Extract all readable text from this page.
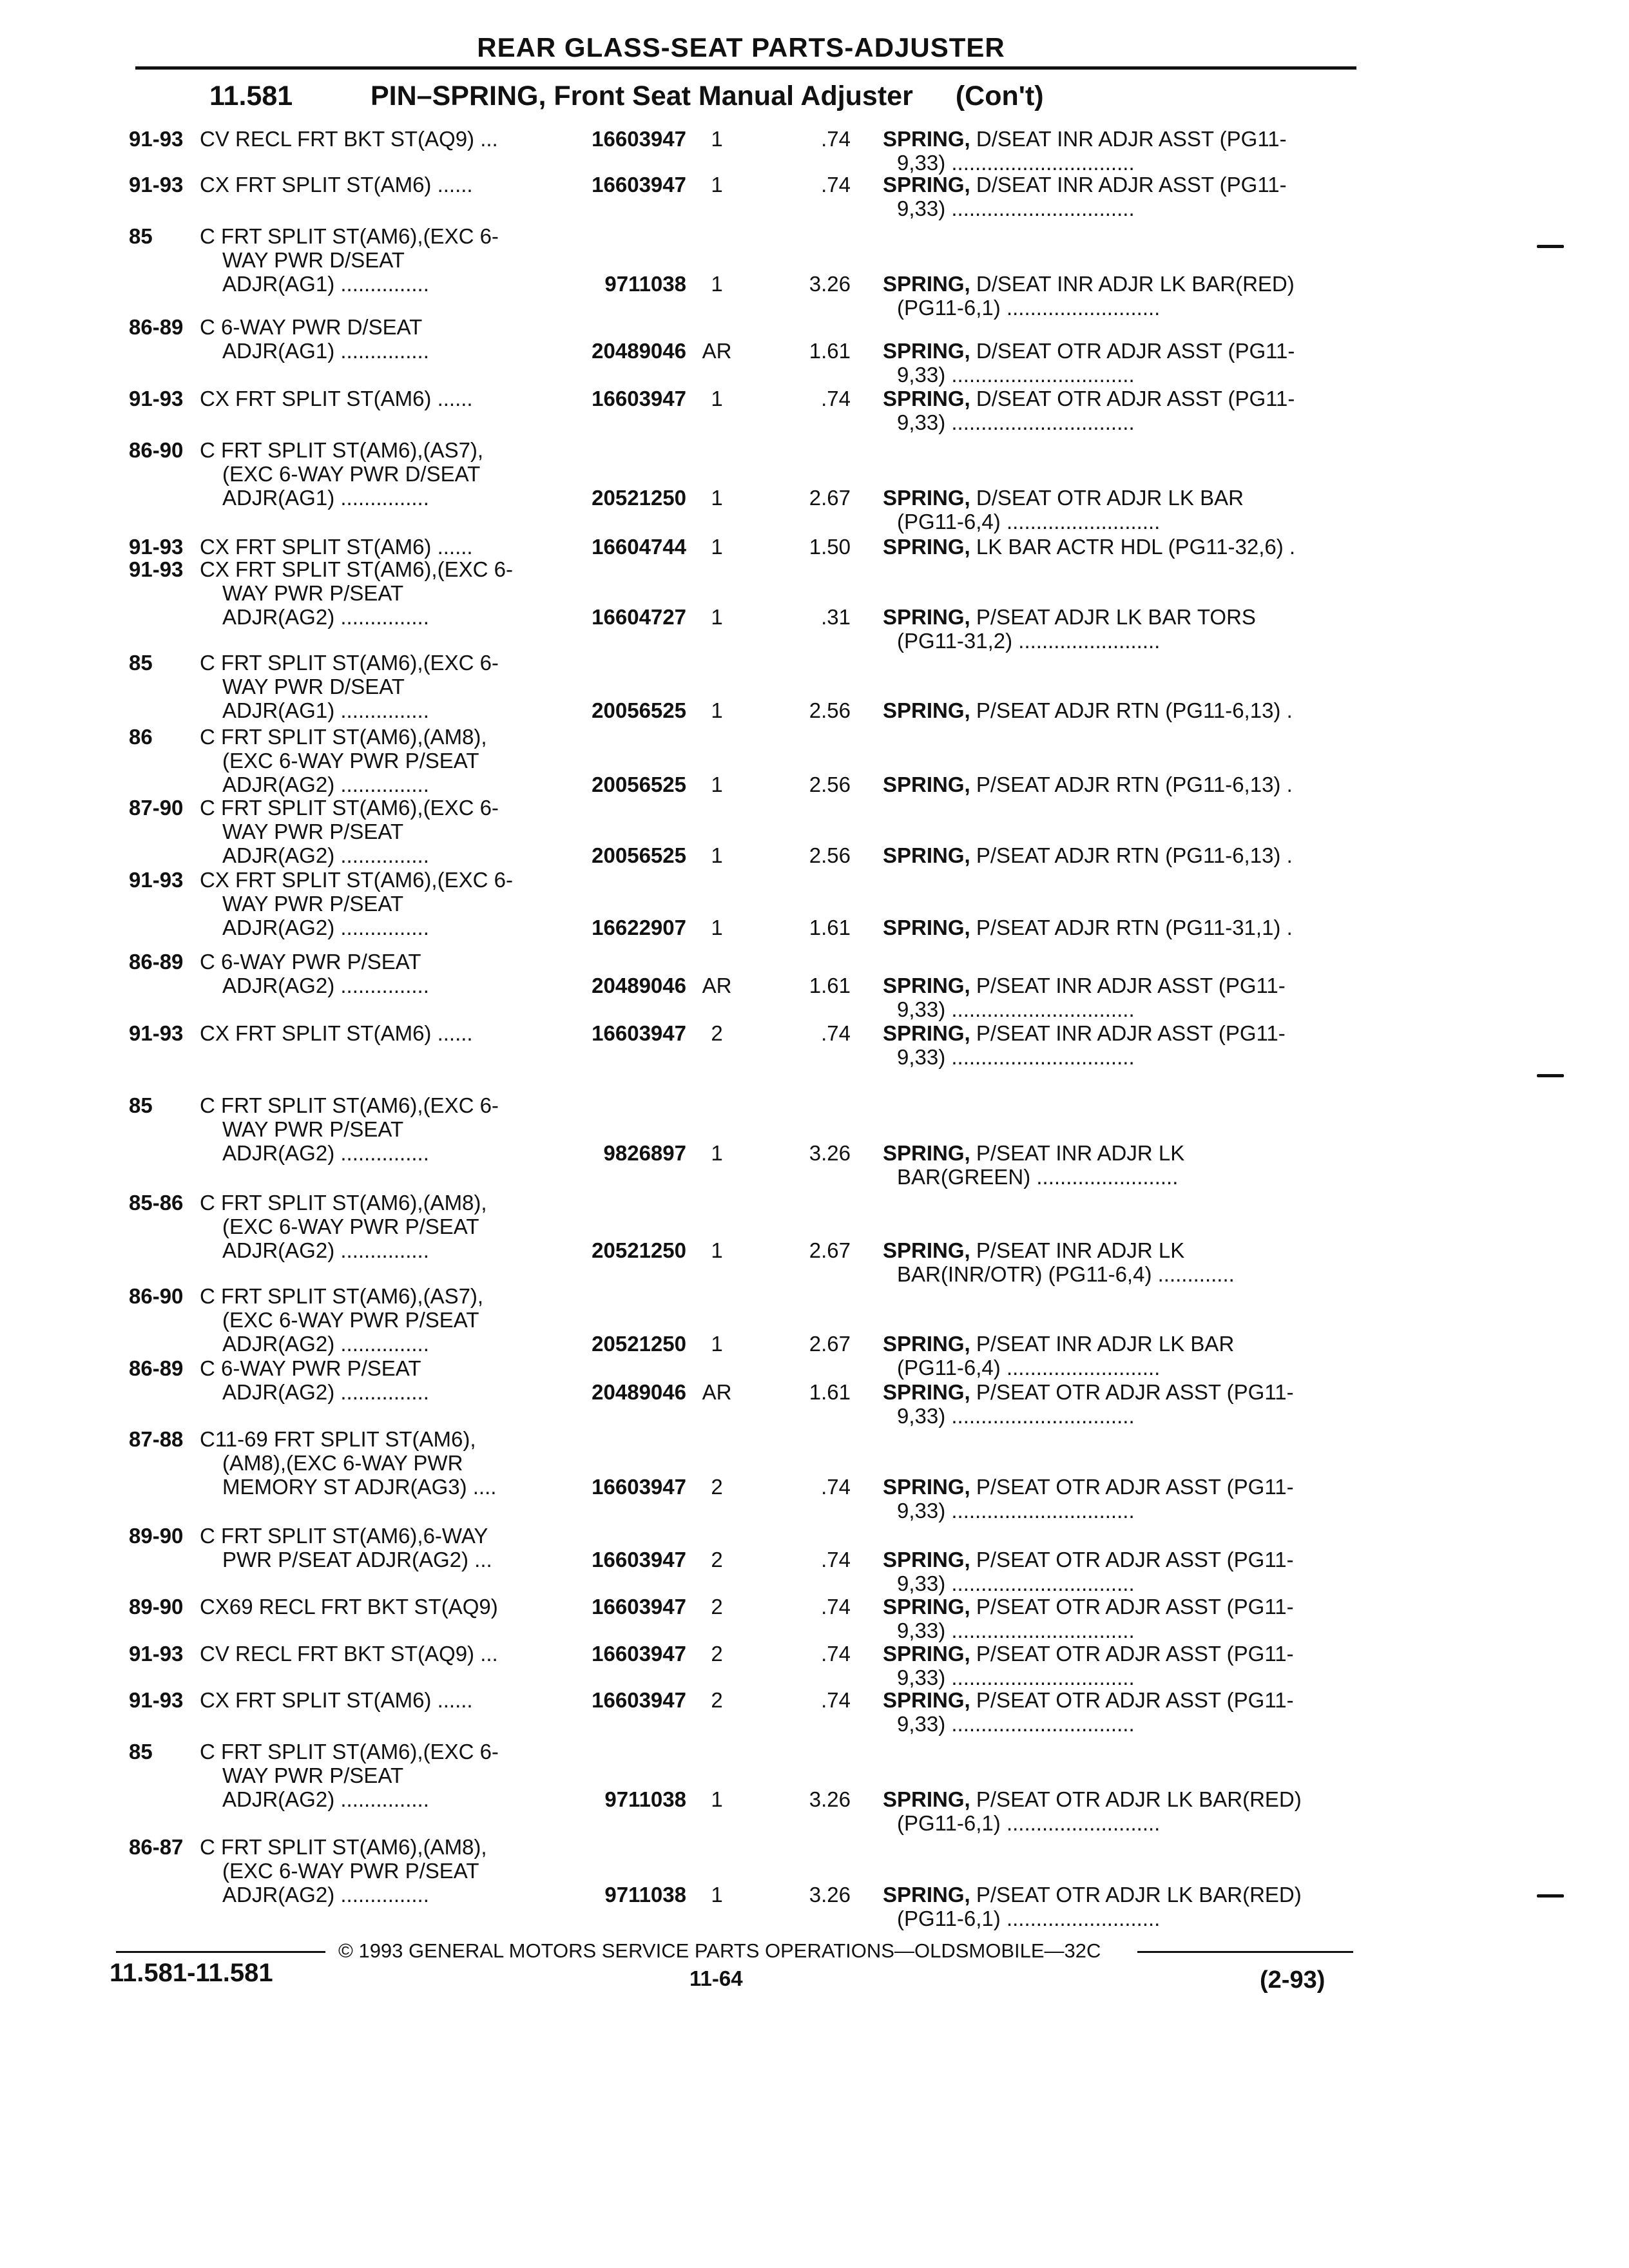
REAR GLASS-SEAT PARTS-ADJUSTER
11.581	PIN–SPRING, Front Seat Manual Adjuster (Con't)
91-93 CV RECL FRT BKT ST(AQ9) ...	16603947	1	.74 SPRING, D/SEAT INR ADJR ASST (PG11-
9,33) ...............................
91-93 CX FRT SPLIT ST(AM6) ......	16603947	1	.74 SPRING, D/SEAT INR ADJR ASST (PG11-
9,33) ...............................
85	C FRT SPLIT ST(AM6),(EXC 6-
WAY PWR D/SEAT
ADJR(AG1) ...............	9711038	1	3.26 SPRING, D/SEAT INR ADJR LK BAR(RED)
(PG11-6,1) ..........................
86-89 C 6-WAY PWR D/SEAT
ADJR(AG1) ...............	20489046 AR	1.61 SPRING, D/SEAT OTR ADJR ASST (PG11-
9,33) ...............................
91-93 CX FRT SPLIT ST(AM6) ......	16603947	1	.74 SPRING, D/SEAT OTR ADJR ASST (PG11-
9,33) ...............................
86-90 C FRT SPLIT ST(AM6),(AS7),
(EXC 6-WAY PWR D/SEAT
ADJR(AG1) ...............	20521250	1	2.67 SPRING, D/SEAT OTR ADJR LK BAR
(PG11-6,4) ..........................
91-93 CX FRT SPLIT ST(AM6) ......	16604744	1	1.50 SPRING, LK BAR ACTR HDL (PG11-32,6) .
91-93 CX FRT SPLIT ST(AM6),(EXC 6-
WAY PWR P/SEAT
ADJR(AG2) ...............	16604727	1	.31 SPRING, P/SEAT ADJR LK BAR TORS
(PG11-31,2) ........................
85	C FRT SPLIT ST(AM6),(EXC 6-
WAY PWR D/SEAT
ADJR(AG1) ...............	20056525	1	2.56 SPRING, P/SEAT ADJR RTN (PG11-6,13) .
86	C FRT SPLIT ST(AM6),(AM8),
(EXC 6-WAY PWR P/SEAT
ADJR(AG2) ...............	20056525	1	2.56 SPRING, P/SEAT ADJR RTN (PG11-6,13) .
87-90 C FRT SPLIT ST(AM6),(EXC 6-
WAY PWR P/SEAT
ADJR(AG2) ...............	20056525	1	2.56 SPRING, P/SEAT ADJR RTN (PG11-6,13) .
91-93 CX FRT SPLIT ST(AM6),(EXC 6-
WAY PWR P/SEAT
ADJR(AG2) ...............	16622907	1	1.61 SPRING, P/SEAT ADJR RTN (PG11-31,1) .
86-89 C 6-WAY PWR P/SEAT
ADJR(AG2) ...............	20489046 AR	1.61 SPRING, P/SEAT INR ADJR ASST (PG11-
9,33) ...............................
91-93 CX FRT SPLIT ST(AM6) ......	16603947	2	.74 SPRING, P/SEAT INR ADJR ASST (PG11-
9,33) ...............................
85	C FRT SPLIT ST(AM6),(EXC 6-
WAY PWR P/SEAT
ADJR(AG2) ...............	9826897	1	3.26 SPRING, P/SEAT INR ADJR LK
BAR(GREEN) ........................
85-86 C FRT SPLIT ST(AM6),(AM8),
(EXC 6-WAY PWR P/SEAT
ADJR(AG2) ...............	20521250	1	2.67 SPRING, P/SEAT INR ADJR LK
BAR(INR/OTR) (PG11-6,4) .............
86-90 C FRT SPLIT ST(AM6),(AS7),
(EXC 6-WAY PWR P/SEAT
ADJR(AG2) ...............	20521250	1	2.67 SPRING, P/SEAT INR ADJR LK BAR
(PG11-6,4) ..........................
86-89 C 6-WAY PWR P/SEAT
ADJR(AG2) ...............	20489046 AR	1.61 SPRING, P/SEAT OTR ADJR ASST (PG11-
9,33) ...............................
87-88 C11-69 FRT SPLIT ST(AM6),
(AM8),(EXC 6-WAY PWR
MEMORY ST ADJR(AG3) ....	16603947	2	.74 SPRING, P/SEAT OTR ADJR ASST (PG11-
9,33) ...............................
89-90 C FRT SPLIT ST(AM6),6-WAY
PWR P/SEAT ADJR(AG2) ...	16603947	2	.74 SPRING, P/SEAT OTR ADJR ASST (PG11-
9,33) ...............................
89-90 CX69 RECL FRT BKT ST(AQ9)	16603947	2	.74 SPRING, P/SEAT OTR ADJR ASST (PG11-
9,33) ...............................
91-93 CV RECL FRT BKT ST(AQ9) ...	16603947	2	.74 SPRING, P/SEAT OTR ADJR ASST (PG11-
9,33) ...............................
91-93 CX FRT SPLIT ST(AM6) ......	16603947	2	.74 SPRING, P/SEAT OTR ADJR ASST (PG11-
9,33) ...............................
85	C FRT SPLIT ST(AM6),(EXC 6-
WAY PWR P/SEAT
ADJR(AG2) ...............	9711038	1	3.26 SPRING, P/SEAT OTR ADJR LK BAR(RED)
(PG11-6,1) ..........................
86-87 C FRT SPLIT ST(AM6),(AM8),
(EXC 6-WAY PWR P/SEAT
ADJR(AG2) ...............	9711038	1	3.26 SPRING, P/SEAT OTR ADJR LK BAR(RED)
(PG11-6,1) ..........................
© 1993 GENERAL MOTORS SERVICE PARTS OPERATIONS—OLDSMOBILE—32C
11.581-11.581	11-64	(2-93)
